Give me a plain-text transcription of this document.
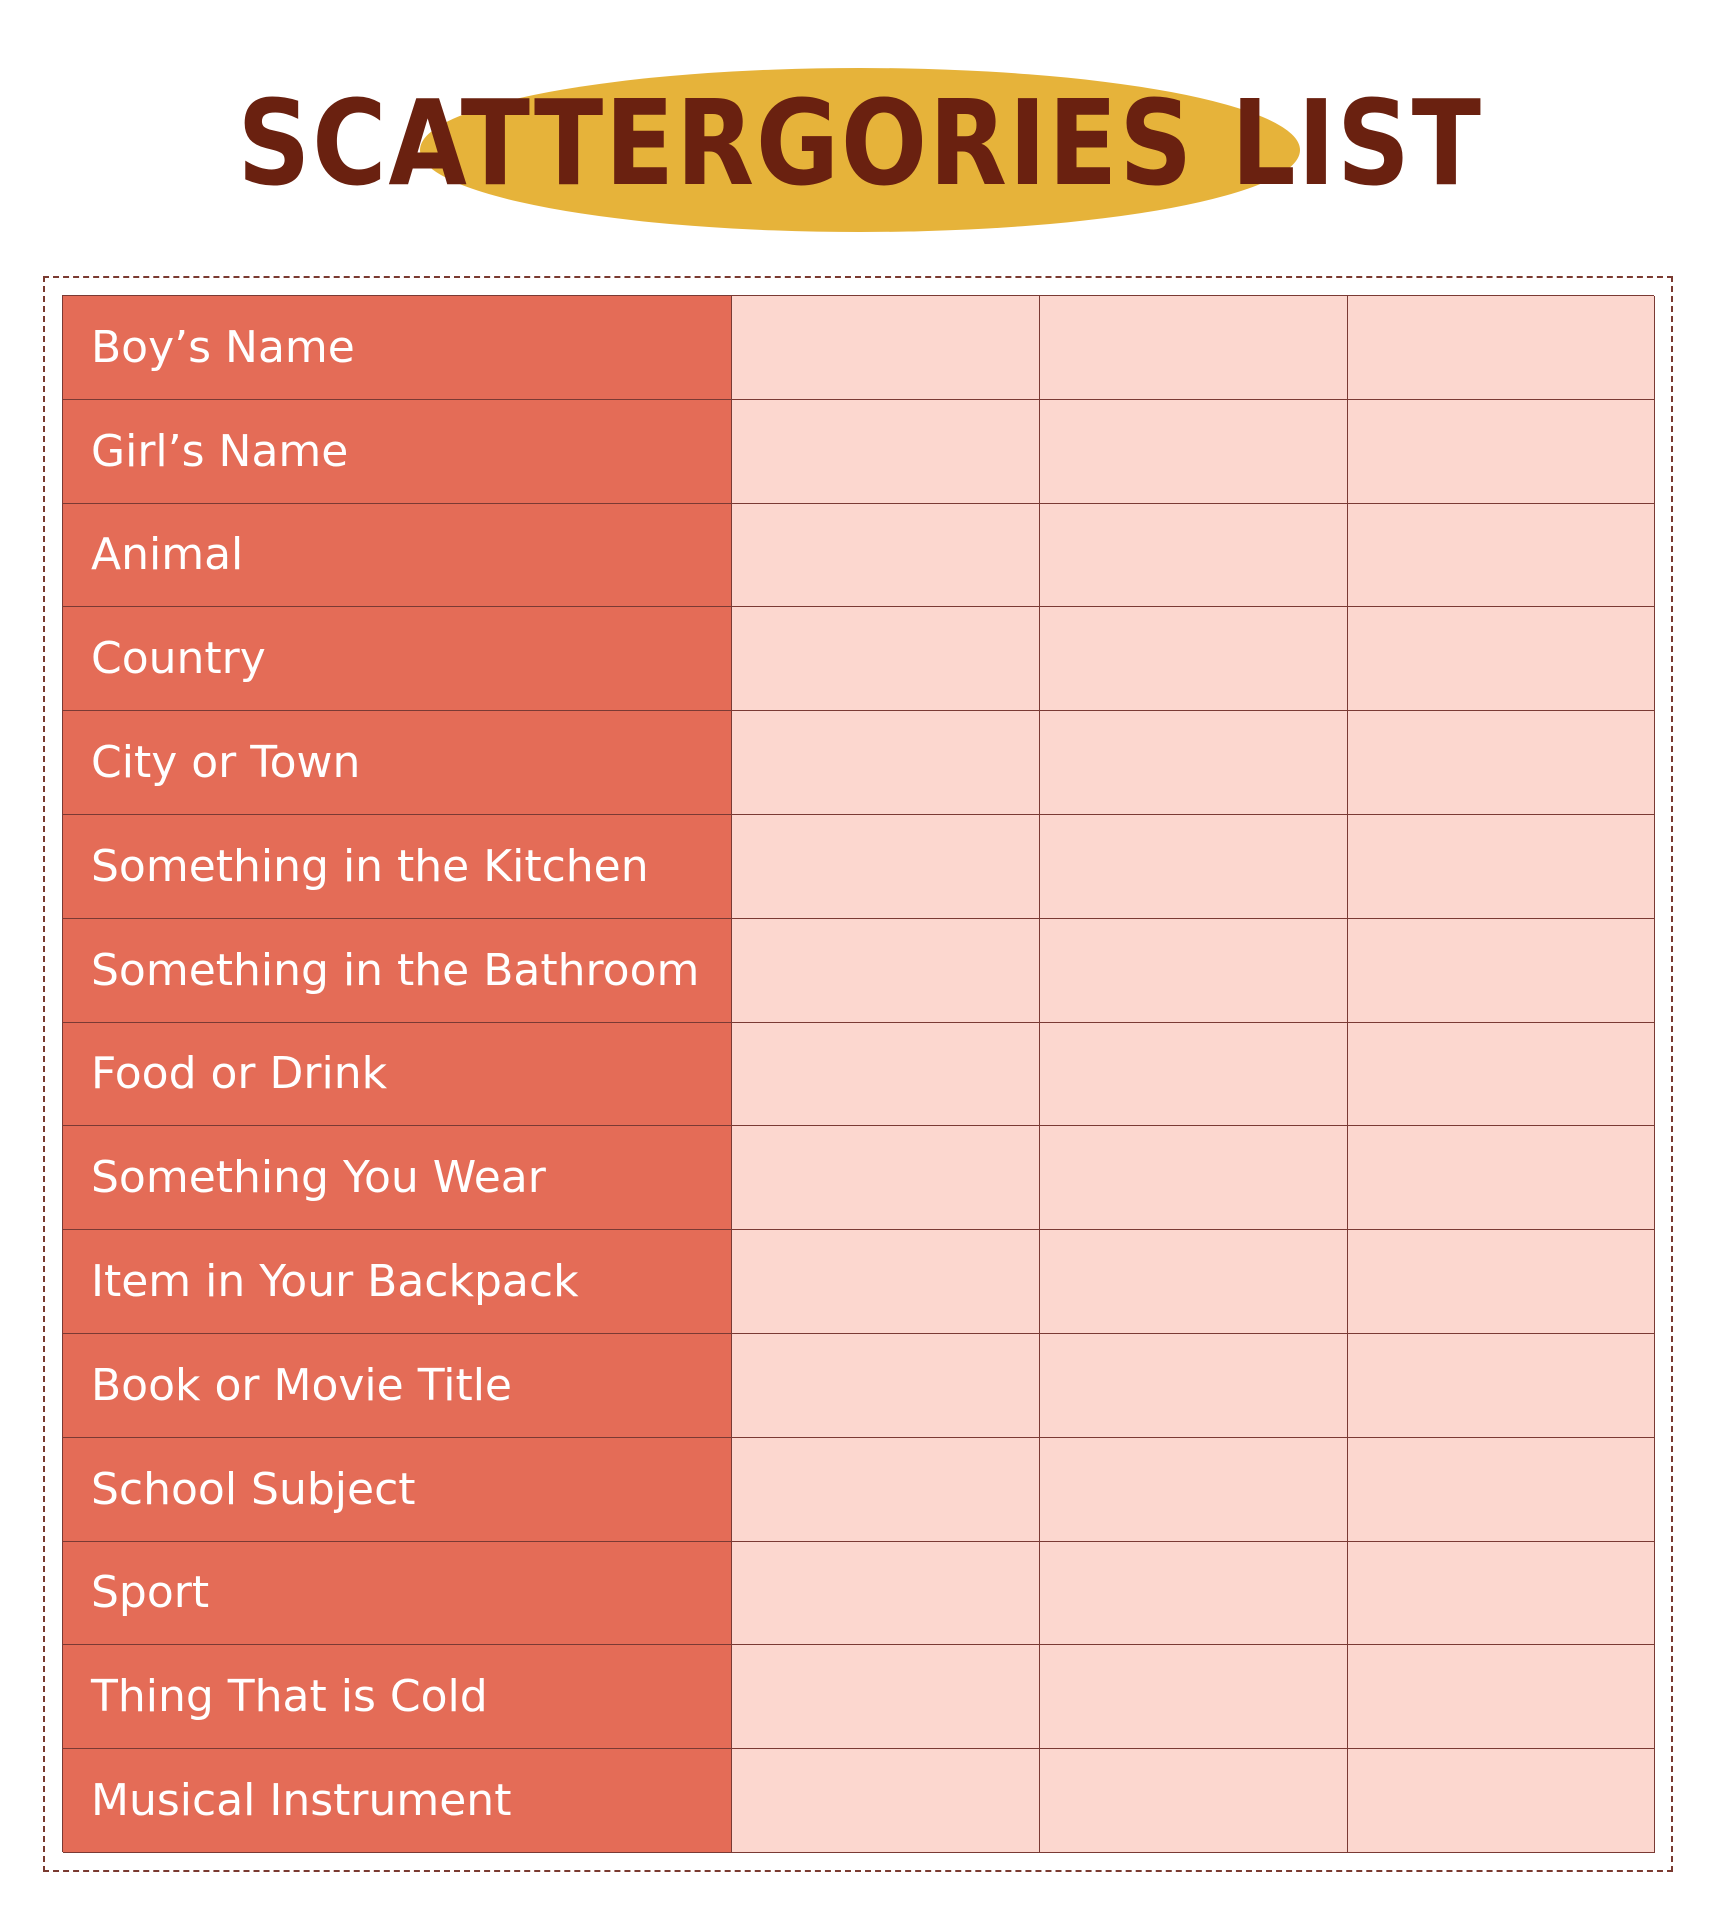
SCATTERGORIES LIST
Boy’s Name
Girl’s Name
Animal
Country
City or Town
Something in the Kitchen
Something in the Bathroom
Food or Drink
Something You Wear
Item in Your Backpack
Book or Movie Title
School Subject
Sport
Thing That is Cold
Musical Instrument
